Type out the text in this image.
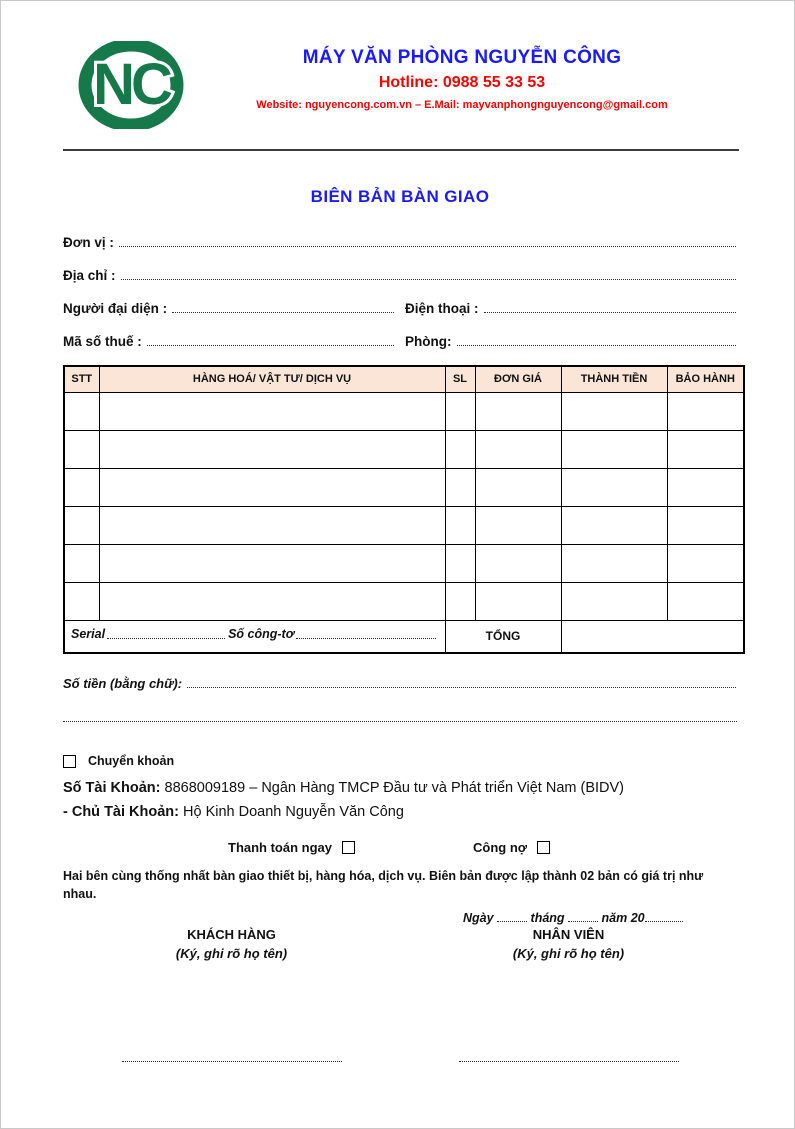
NC	MÁY VĂN PHÒNG NGUYỄN CÔNG
Hotline: 0988 55 33 53
Website: nguyencong.com.vn – E.Mail: mayvanphongnguyencong@gmail.com
BIÊN BẢN BÀN GIAO
Đơn vị :
Địa chỉ :
Người đại diện :	Điện thoại :
Mã số thuế :	Phòng:
STT	HÀNG HOÁ/ VẬT TƯ/ DỊCH VỤ	SL	ĐƠN GIÁ	THÀNH TIỀN	BẢO HÀNH

Serial Số công-tơ		TỔNG			
Số tiền (bằng chữ):
Chuyển khoản
Số Tài Khoản: 8868009189 – Ngân Hàng TMCP Đầu tư và Phát triển Việt Nam (BIDV)
- Chủ Tài Khoản: Hộ Kinh Doanh Nguyễn Văn Công
Thanh toán ngay	Công nợ
Hai bên cùng thống nhất bàn giao thiết bị, hàng hóa, dịch vụ. Biên bản được lập thành 02 bản có giá trị như nhau.
Ngày	tháng	năm 20
KHÁCH HÀNG
(Ký, ghi rõ họ tên)
NHÂN VIÊN
(Ký, ghi rõ họ tên)
